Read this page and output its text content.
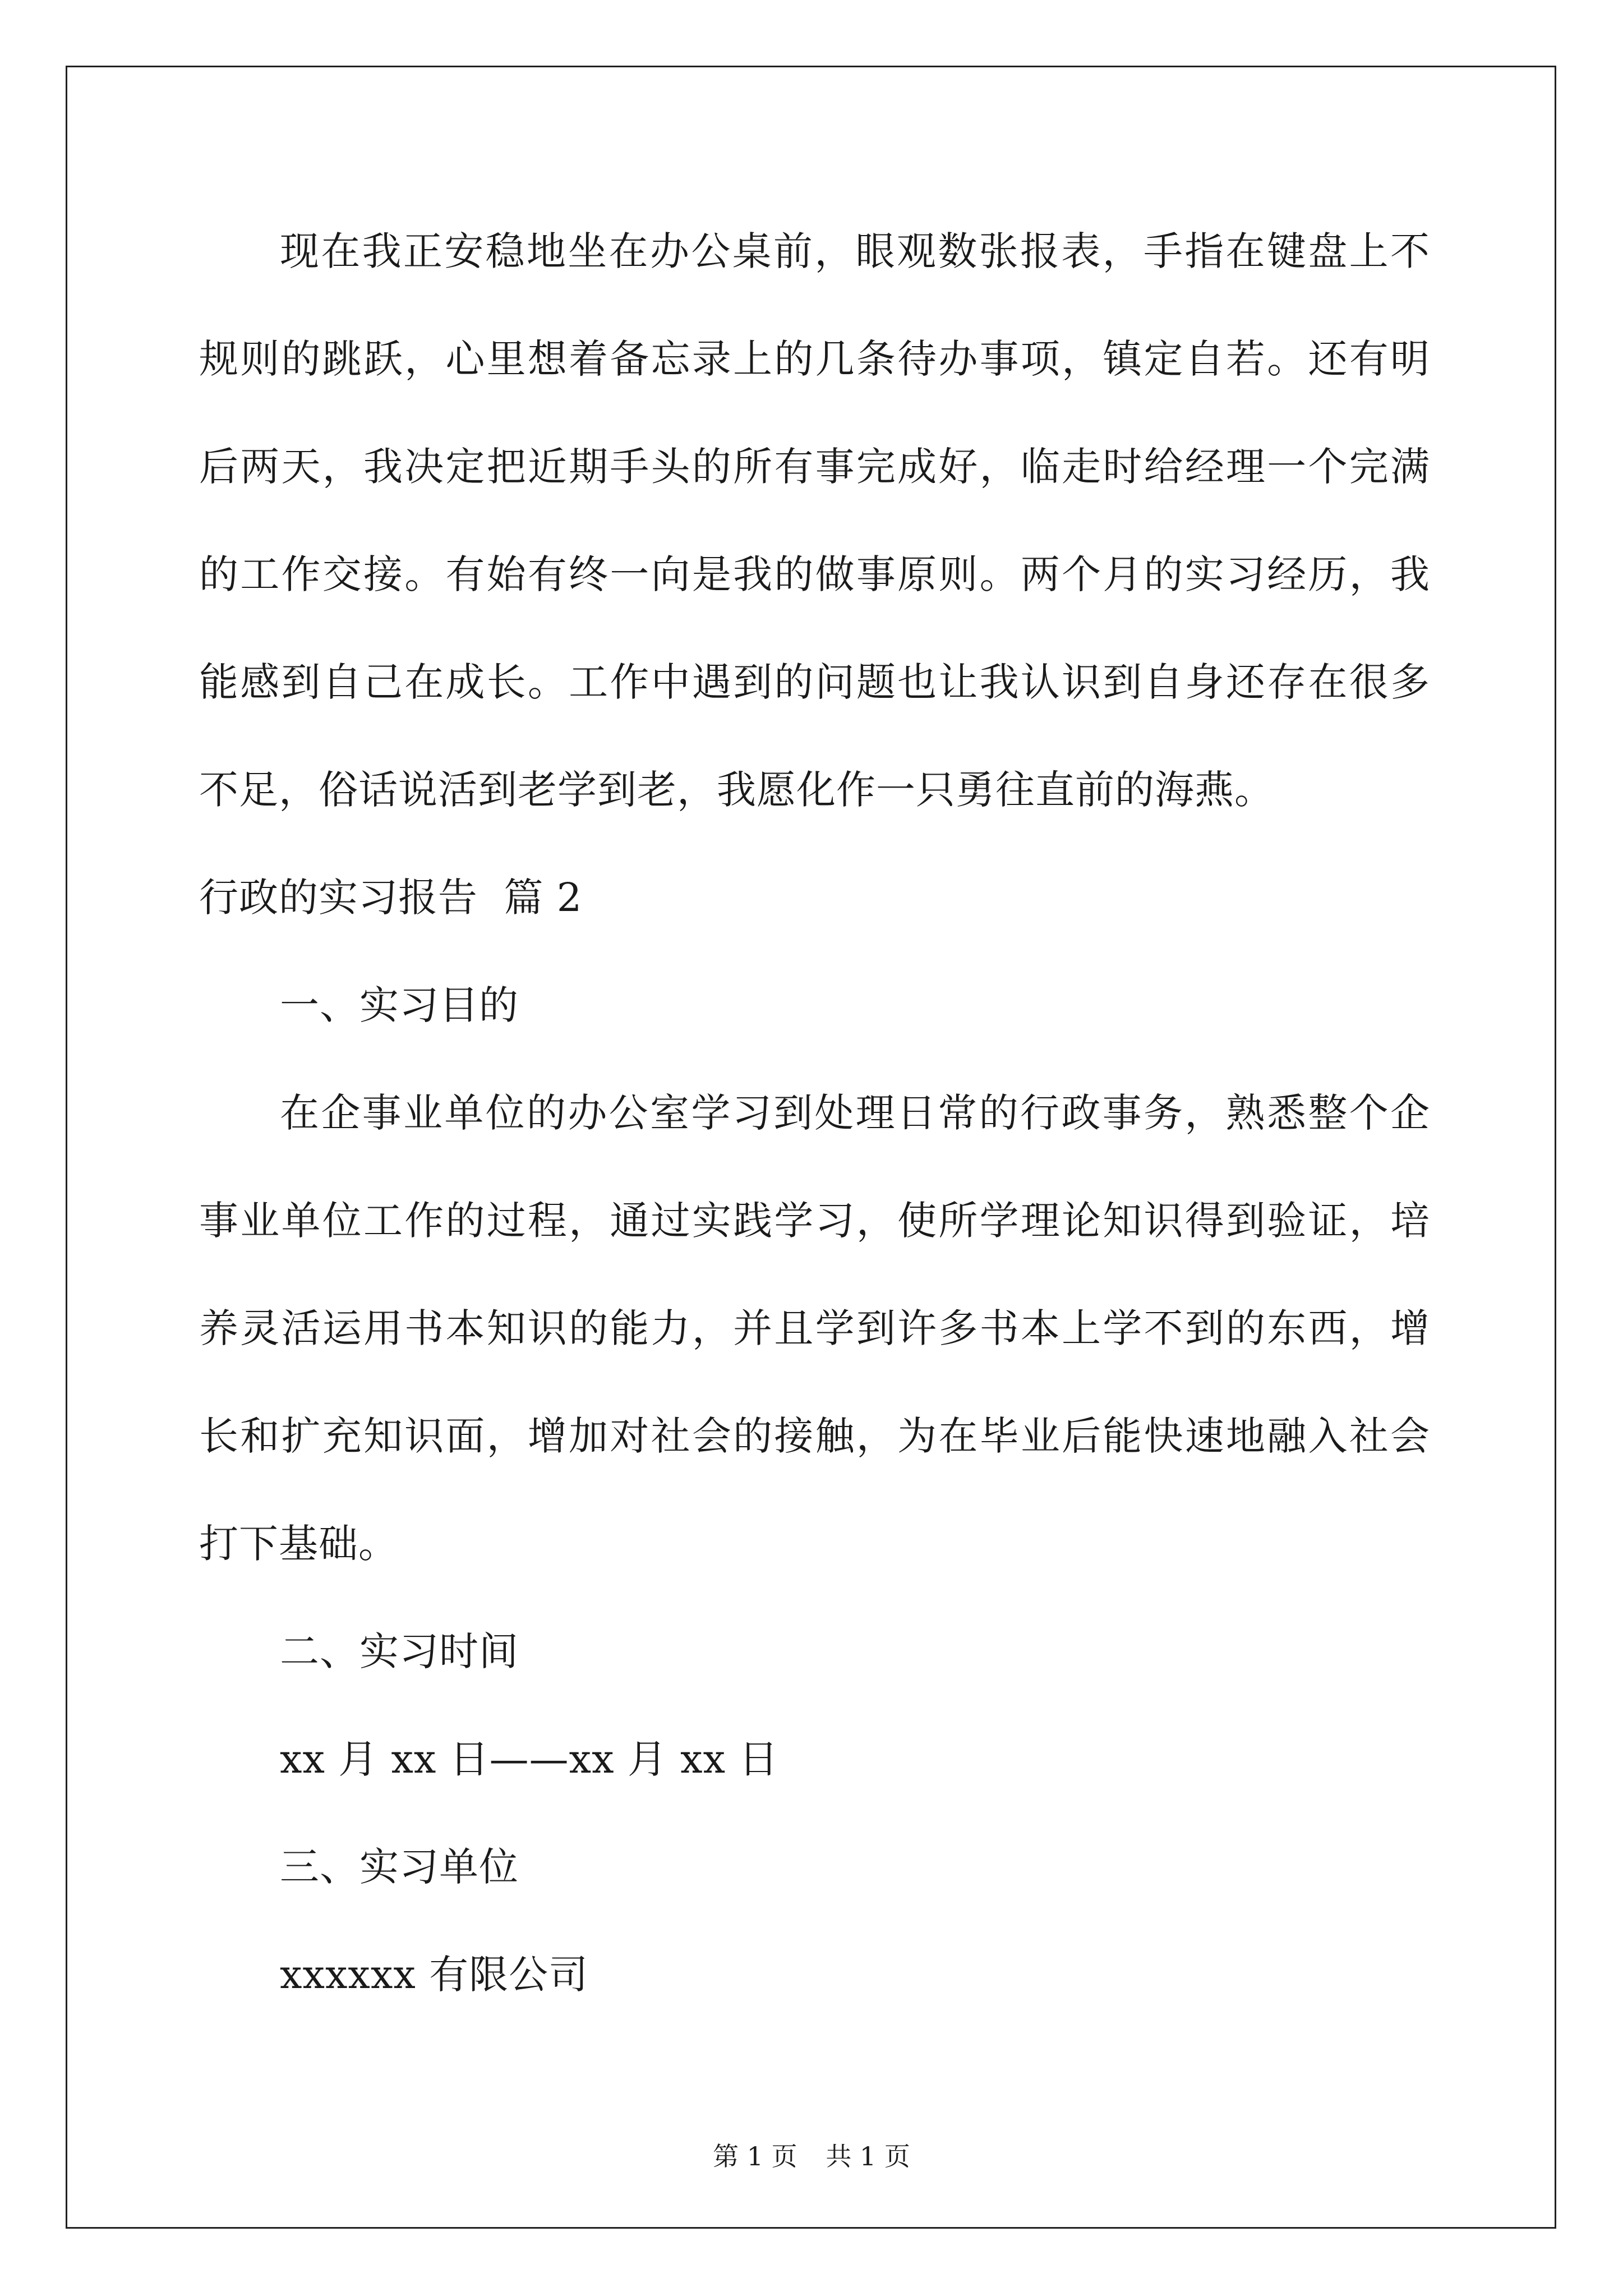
现在我正安稳地坐在办公桌前，眼观数张报表，手指在键盘上不
规则的跳跃，心里想着备忘录上的几条待办事项，镇定自若。还有明
后两天，我决定把近期手头的所有事完成好，临走时给经理一个完满
的工作交接。有始有终一向是我的做事原则。两个月的实习经历，我
能感到自己在成长。工作中遇到的问题也让我认识到自身还存在很多
不足，俗话说活到老学到老，我愿化作一只勇往直前的海燕。

行政的实习报告  篇 2

一、实习目的

在企事业单位的办公室学习到处理日常的行政事务，熟悉整个企
事业单位工作的过程，通过实践学习，使所学理论知识得到验证，培
养灵活运用书本知识的能力，并且学到许多书本上学不到的东西，增
长和扩充知识面，增加对社会的接触，为在毕业后能快速地融入社会
打下基础。

二、实习时间

xx 月 xx 日——xx 月 xx 日

三、实习单位

xxxxxx 有限公司

第 1 页 共 1 页
